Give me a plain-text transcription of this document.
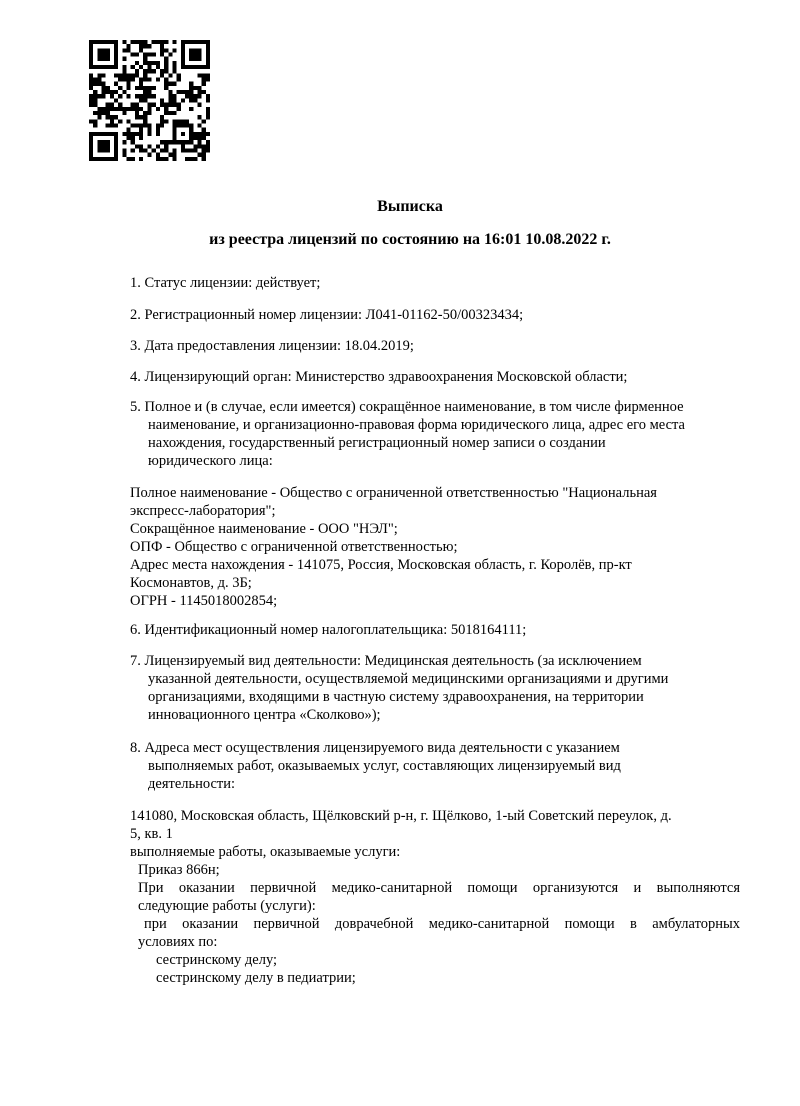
Выписка
из реестра лицензий по состоянию на 16:01 10.08.2022 г.
1. Статус лицензии: действует;
2. Регистрационный номер лицензии: Л041-01162-50/00323434;
3. Дата предоставления лицензии: 18.04.2019;
4. Лицензирующий орган: Министерство здравоохранения Московской области;
5. Полное и (в случае, если имеется) сокращённое наименование, в том числе фирменное
наименование, и организационно-правовая форма юридического лица, адрес его места
нахождения, государственный регистрационный номер записи о создании
юридического лица:
Полное наименование - Общество с ограниченной ответственностью "Национальная
экспресс-лаборатория";
Сокращённое наименование - ООО "НЭЛ";
ОПФ - Общество с ограниченной ответственностью;
Адрес места нахождения - 141075, Россия, Московская область, г. Королёв, пр-кт
Космонавтов, д. 3Б;
ОГРН - 1145018002854;
6. Идентификационный номер налогоплательщика: 5018164111;
7. Лицензируемый вид деятельности: Медицинская деятельность (за исключением
указанной деятельности, осуществляемой медицинскими организациями и другими
организациями, входящими в частную систему здравоохранения, на территории
инновационного центра «Сколково»);
8. Адреса мест осуществления лицензируемого вида деятельности с указанием
выполняемых работ, оказываемых услуг, составляющих лицензируемый вид
деятельности:
141080, Московская область, Щёлковский р-н, г. Щёлково, 1-ый Советский переулок, д.
5, кв. 1
выполняемые работы, оказываемые услуги:
Приказ 866н;
При оказании первичной медико-санитарной помощи организуются и выполняются
следующие работы (услуги):
при оказании первичной доврачебной медико-санитарной помощи в амбулаторных
условиях по:
сестринскому делу;
сестринскому делу в педиатрии;
